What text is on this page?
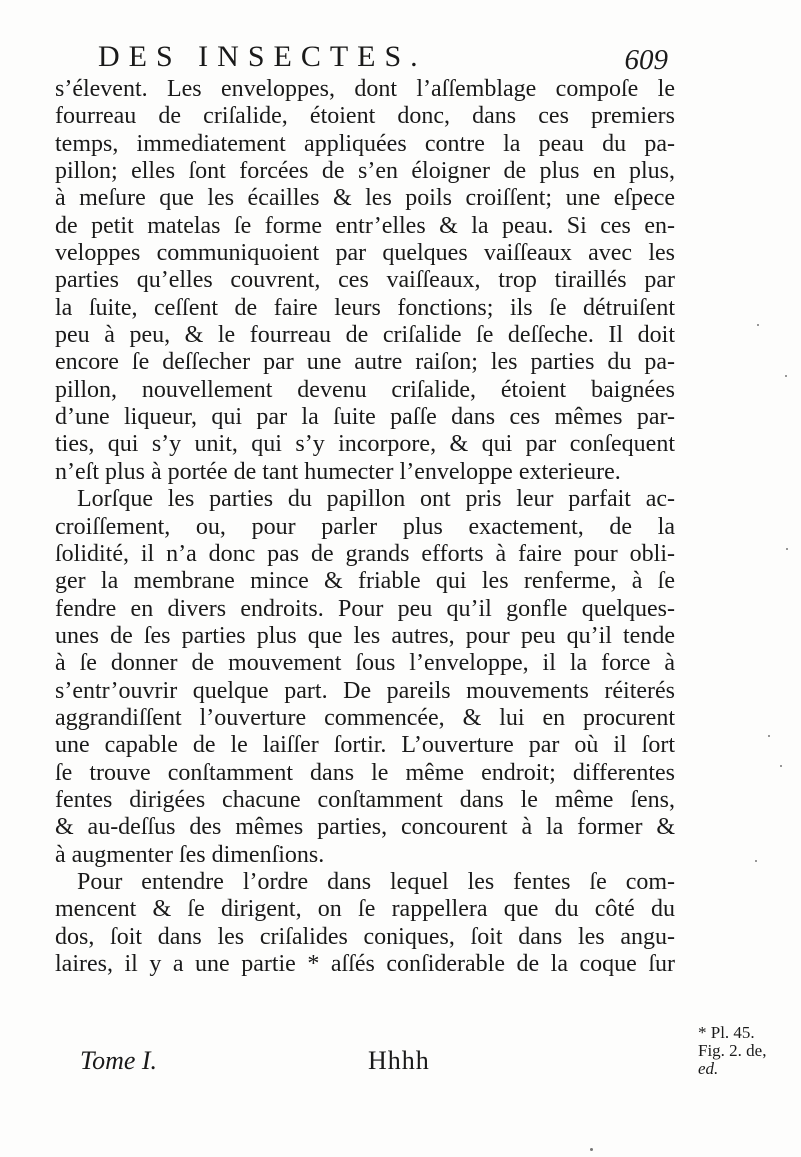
DES INSECTES.	609
s’élevent. Les enveloppes, dont l’aſſemblage compoſe le
fourreau de criſalide, étoient donc, dans ces premiers
temps, immediatement appliquées contre la peau du pa-
pillon; elles ſont forcées de s’en éloigner de plus en plus,
à meſure que les écailles & les poils croiſſent; une eſpece
de petit matelas ſe forme entr’elles & la peau. Si ces en-
veloppes communiquoient par quelques vaiſſeaux avec les
parties qu’elles couvrent, ces vaiſſeaux, trop tiraillés par
la ſuite, ceſſent de faire leurs fonctions; ils ſe détruiſent
peu à peu, & le fourreau de criſalide ſe deſſeche. Il doit
encore ſe deſſecher par une autre raiſon; les parties du pa-
pillon, nouvellement devenu criſalide, étoient baignées
d’une liqueur, qui par la ſuite paſſe dans ces mêmes par-
ties, qui s’y unit, qui s’y incorpore, & qui par conſequent
n’eſt plus à portée de tant humecter l’enveloppe exterieure.
Lorſque les parties du papillon ont pris leur parfait ac-
croiſſement, ou, pour parler plus exactement, de la
ſolidité, il n’a donc pas de grands efforts à faire pour obli-
ger la membrane mince & friable qui les renferme, à ſe
fendre en divers endroits. Pour peu qu’il gonfle quelques-
unes de ſes parties plus que les autres, pour peu qu’il tende
à ſe donner de mouvement ſous l’enveloppe, il la force à
s’entr’ouvrir quelque part. De pareils mouvements réiterés
aggrandiſſent l’ouverture commencée, & lui en procurent
une capable de le laiſſer ſortir. L’ouverture par où il ſort
ſe trouve conſtamment dans le même endroit; differentes
fentes dirigées chacune conſtamment dans le même ſens,
& au-deſſus des mêmes parties, concourent à la former &
à augmenter ſes dimenſions.
Pour entendre l’ordre dans lequel les fentes ſe com-
mencent & ſe dirigent, on ſe rappellera que du côté du
dos, ſoit dans les criſalides coniques, ſoit dans les angu-
laires, il y a une partie * aſſés conſiderable de la coque ſur
Tome I.	Hhhh
* Pl. 45.
Fig. 2. de,
ed.
